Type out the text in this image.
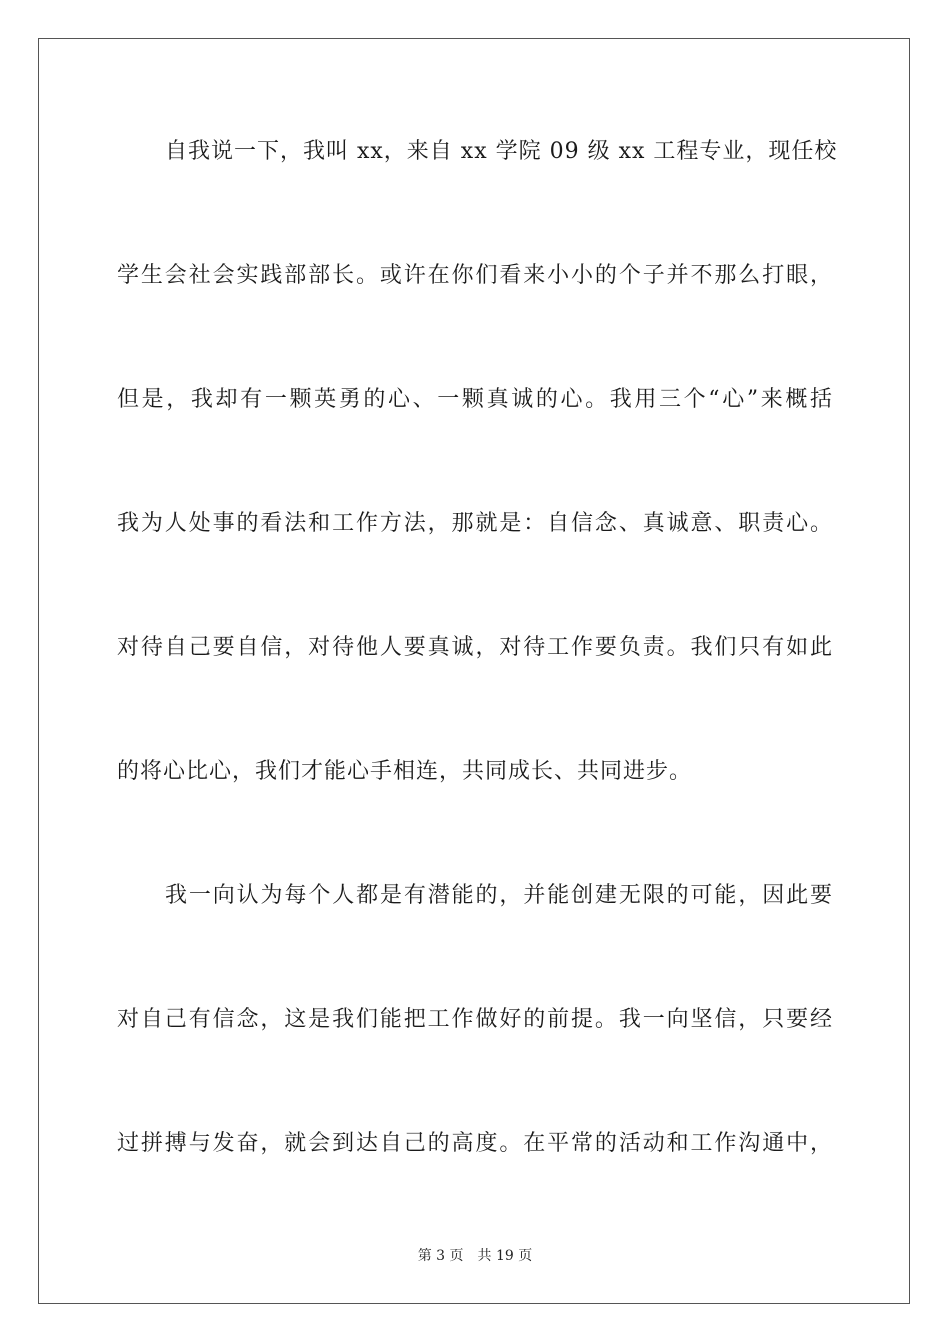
自我说一下，我叫 xx，来自 xx 学院 09 级 xx 工程专业，现任校
学生会社会实践部部长。或许在你们看来小小的个子并不那么打眼，
但是，我却有一颗英勇的心、一颗真诚的心。我用三个“心”来概括
我为人处事的看法和工作方法，那就是：自信念、真诚意、职责心。
对待自己要自信，对待他人要真诚，对待工作要负责。我们只有如此
的将心比心，我们才能心手相连，共同成长、共同进步。
我一向认为每个人都是有潜能的，并能创建无限的可能，因此要
对自己有信念，这是我们能把工作做好的前提。我一向坚信，只要经
过拼搏与发奋，就会到达自己的高度。在平常的活动和工作沟通中，
第 3 页 共 19 页
